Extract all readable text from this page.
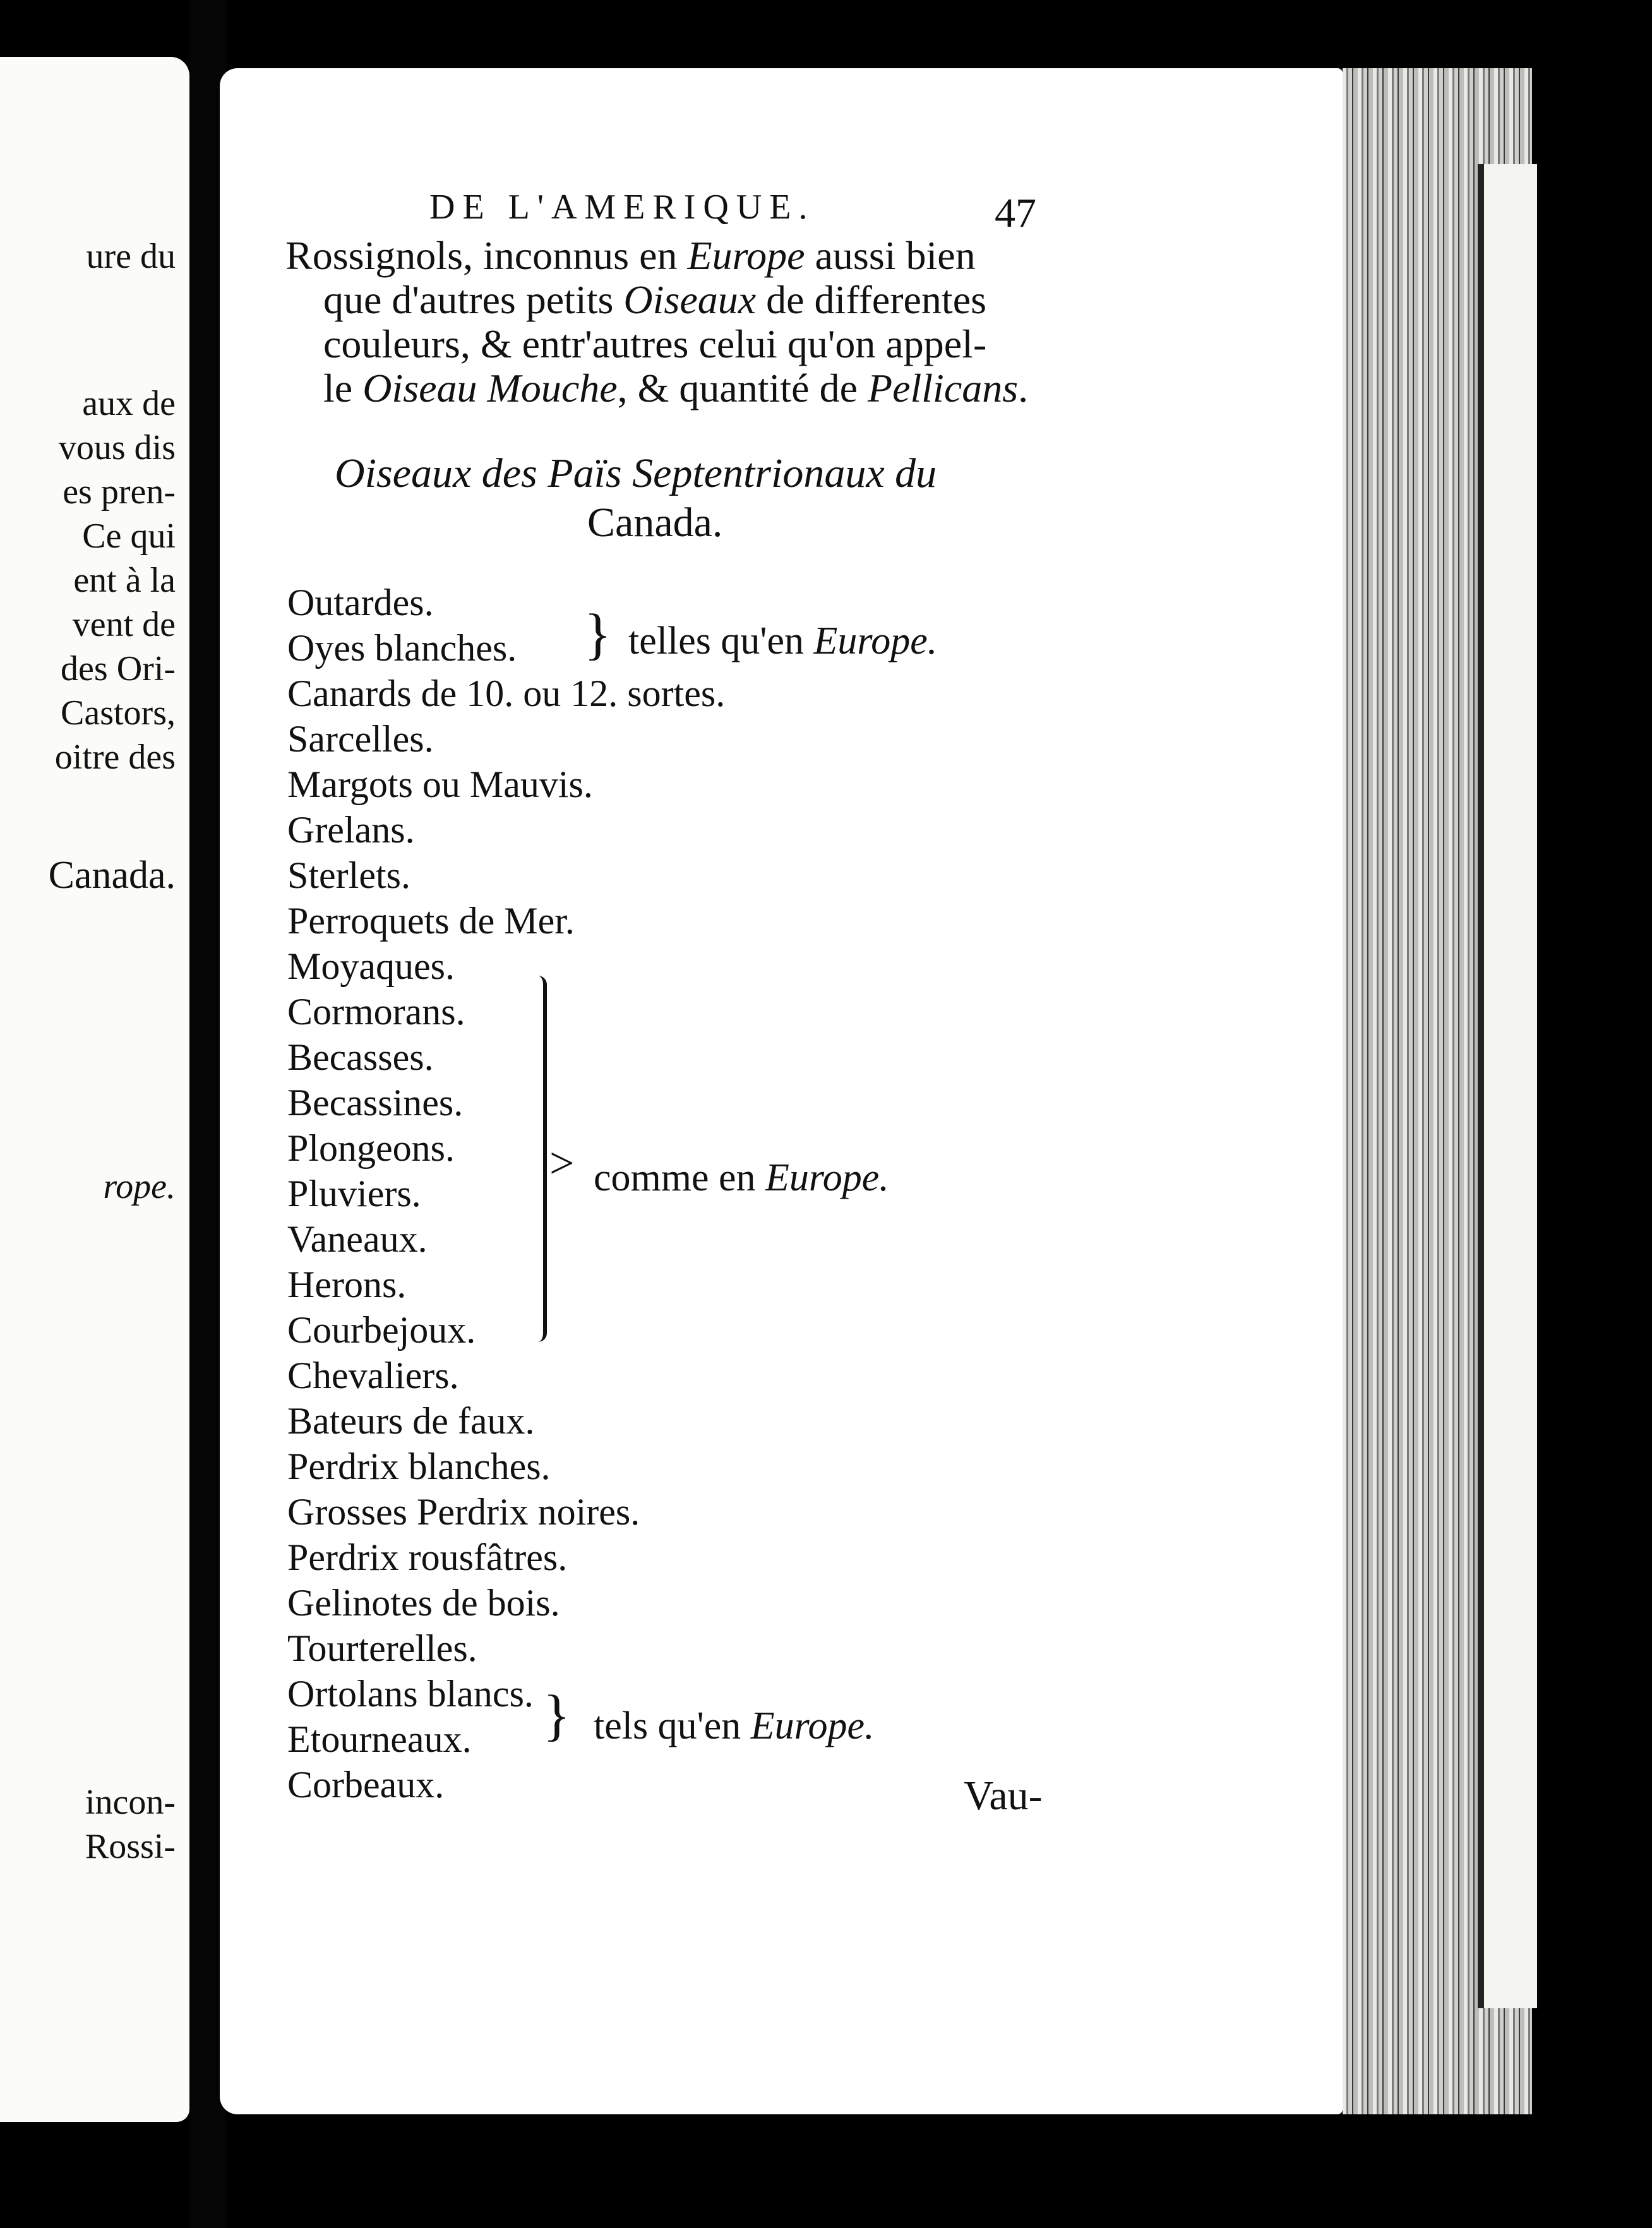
ure du
aux de
vous dis
es pren-
Ce qui
ent à la
vent de
des Ori-
Castors,
oitre des
Canada.
rope.
incon-
Rossi-
DE L'AMERIQUE.	47
Rossignols, inconnus en Europe aussi bien
que d'autres petits Oiseaux de differentes
couleurs, & entr'autres celui qu'on appel-
le Oiseau Mouche, & quantité de Pellicans.
Oiseaux des Païs Septentrionaux du
Canada.
Outardes.
Oyes blanches.
Canards de 10. ou 12. sortes.
Sarcelles.
Margots ou Mauvis.
Grelans.
Sterlets.
Perroquets de Mer.
Moyaques.
Cormorans.
Becasses.
Becassines.
Plongeons.
Pluviers.
Vaneaux.
Herons.
Courbejoux.
Chevaliers.
Bateurs de faux.
Perdrix blanches.
Grosses Perdrix noires.
Perdrix rousfâtres.
Gelinotes de bois.
Tourterelles.
Ortolans blancs.
Etourneaux.
Corbeaux.
} telles qu'en Europe.
> comme en Europe.
} tels qu'en Europe.
Vau-
